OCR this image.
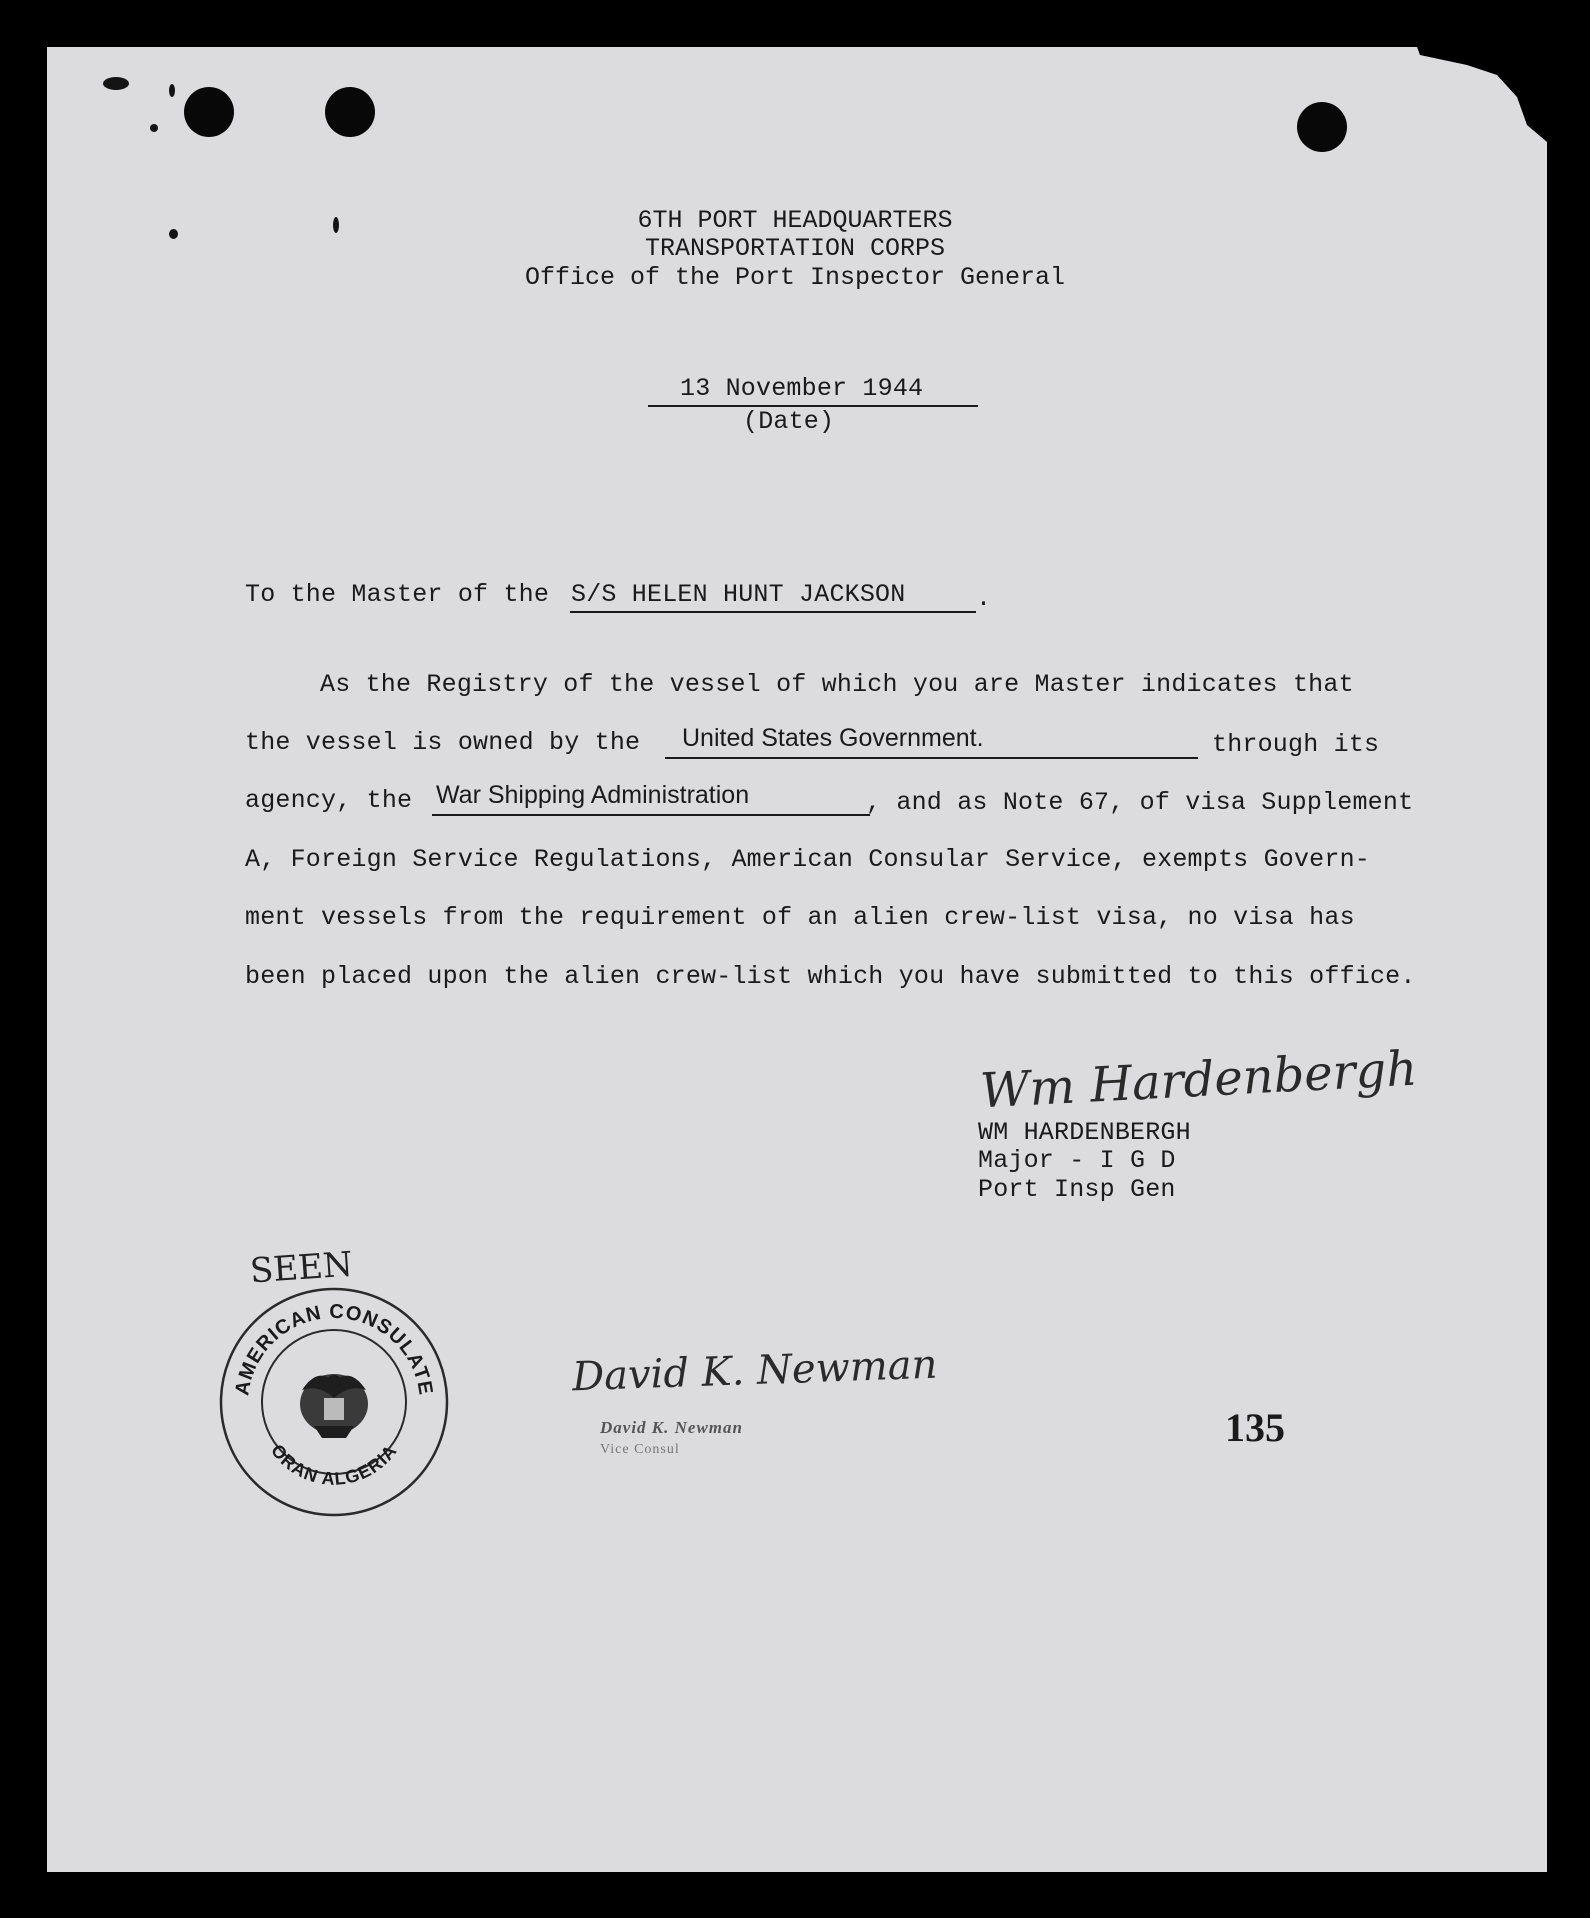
6TH PORT HEADQUARTERS
TRANSPORTATION CORPS
Office of the Port Inspector General
13 November 1944
(Date)
To the Master of the S/S HELEN HUNT JACKSON	.
As the Registry of the vessel of which you are Master indicates that
the vessel is owned by the United States Government.	through its
agency, the War Shipping Administration	, and as Note 67, of visa Supplement
A, Foreign Service Regulations, American Consular Service, exempts Govern-
ment vessels from the requirement of an alien crew-list visa, no visa has
been placed upon the alien crew-list which you have submitted to this office.
Wm Hardenbergh
WM HARDENBERGH
Major - I G D
Port Insp Gen
SEEN
AMERICAN CONSULATE
ORAN ALGERIA
David K. Newman
David K. Newman
Vice Consul	135
